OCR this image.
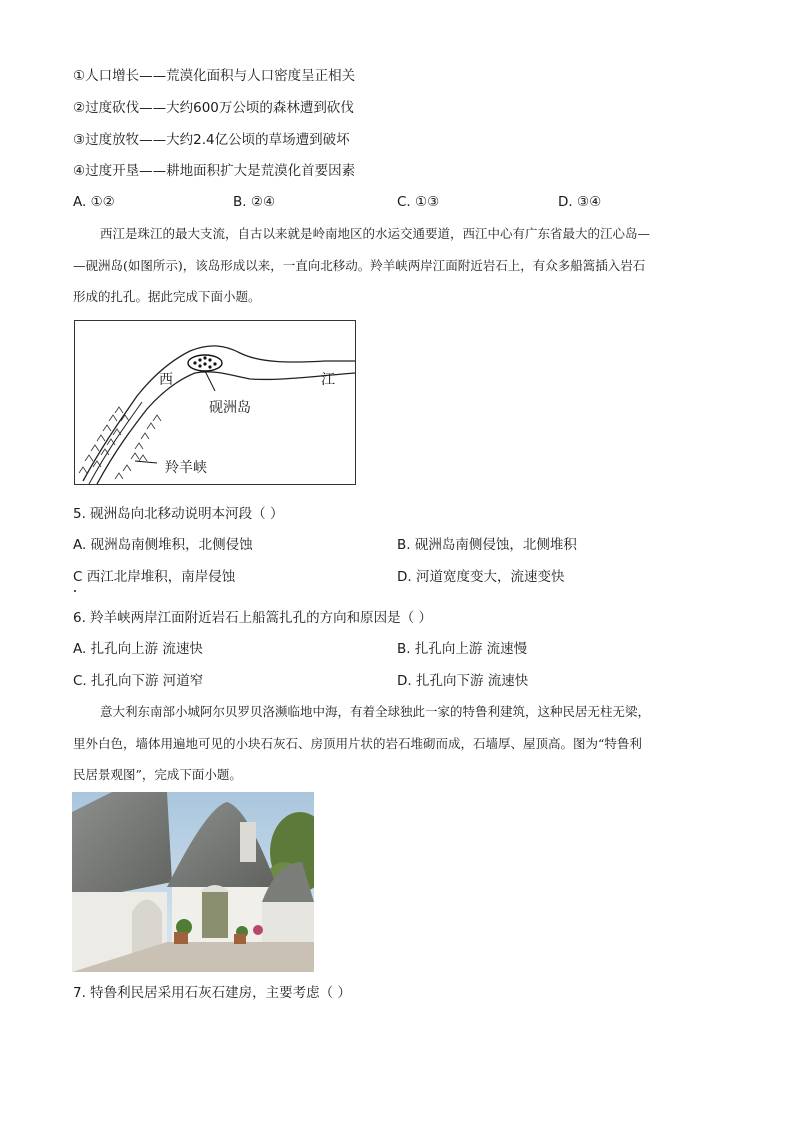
①人口增长——荒漠化面积与人口密度呈正相关
②过度砍伐——大约600万公顷的森林遭到砍伐
③过度放牧——大约2.4亿公顷的草场遭到破坏
④过度开垦——耕地面积扩大是荒漠化首要因素
A. ①②	B. ②④	C. ①③	D. ③④
西江是珠江的最大支流，自古以来就是岭南地区的水运交通要道，西江中心有广东省最大的江心岛—
—砚洲岛(如图所示)，该岛形成以来，一直向北移动。羚羊峡两岸江面附近岩石上，有众多船篙插入岩石
形成的扎孔。据此完成下面小题。
西	江
砚洲岛
羚羊峡
5. 砚洲岛向北移动说明本河段（ ）
A. 砚洲岛南侧堆积，北侧侵蚀	B. 砚洲岛南侧侵蚀，北侧堆积
C 西江北岸堆积，南岸侵蚀	D. 河道宽度变大，流速变快
6. 羚羊峡两岸江面附近岩石上船篙扎孔的方向和原因是（ ）
A. 扎孔向上游 流速快	B. 扎孔向上游 流速慢
C. 扎孔向下游 河道窄	D. 扎孔向下游 流速快
意大利东南部小城阿尔贝罗贝洛濒临地中海，有着全球独此一家的特鲁利建筑，这种民居无柱无梁，
里外白色，墙体用遍地可见的小块石灰石、房顶用片状的岩石堆砌而成，石墙厚、屋顶高。图为“特鲁利
民居景观图”，完成下面小题。
7. 特鲁利民居采用石灰石建房，主要考虑（ ）
